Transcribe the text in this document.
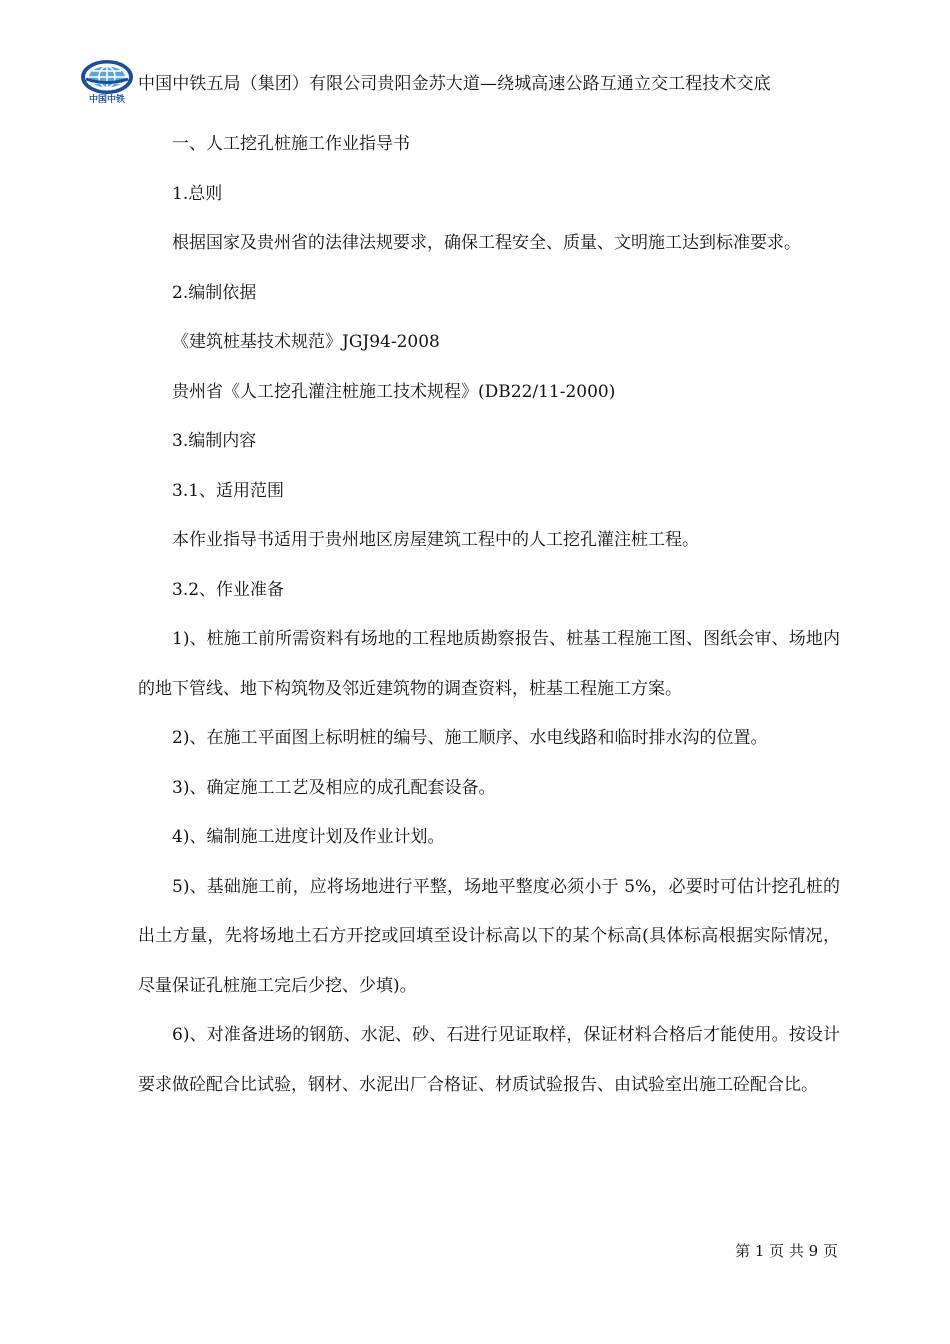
中国中铁
中国中铁五局（集团）有限公司贵阳金苏大道—绕城高速公路互通立交工程技术交底

一、人工挖孔桩施工作业指导书

1.总则

根据国家及贵州省的法律法规要求，确保工程安全、质量、文明施工达到标准要求。

2.编制依据

《建筑桩基技术规范》JGJ94-2008

贵州省《人工挖孔灌注桩施工技术规程》(DB22/11-2000)

3.编制内容

3.1、适用范围

本作业指导书适用于贵州地区房屋建筑工程中的人工挖孔灌注桩工程。

3.2、作业准备

1)、桩施工前所需资料有场地的工程地质勘察报告、桩基工程施工图、图纸会审、场地内的地下管线、地下构筑物及邻近建筑物的调查资料，桩基工程施工方案。

2)、在施工平面图上标明桩的编号、施工顺序、水电线路和临时排水沟的位置。

3)、确定施工工艺及相应的成孔配套设备。

4)、编制施工进度计划及作业计划。

5)、基础施工前，应将场地进行平整，场地平整度必须小于 5%，必要时可估计挖孔桩的出土方量，先将场地土石方开挖或回填至设计标高以下的某个标高(具体标高根据实际情况，尽量保证孔桩施工完后少挖、少填)。

6)、对准备进场的钢筋、水泥、砂、石进行见证取样，保证材料合格后才能使用。按设计要求做砼配合比试验，钢材、水泥出厂合格证、材质试验报告、由试验室出施工砼配合比。

第 1 页 共 9 页
